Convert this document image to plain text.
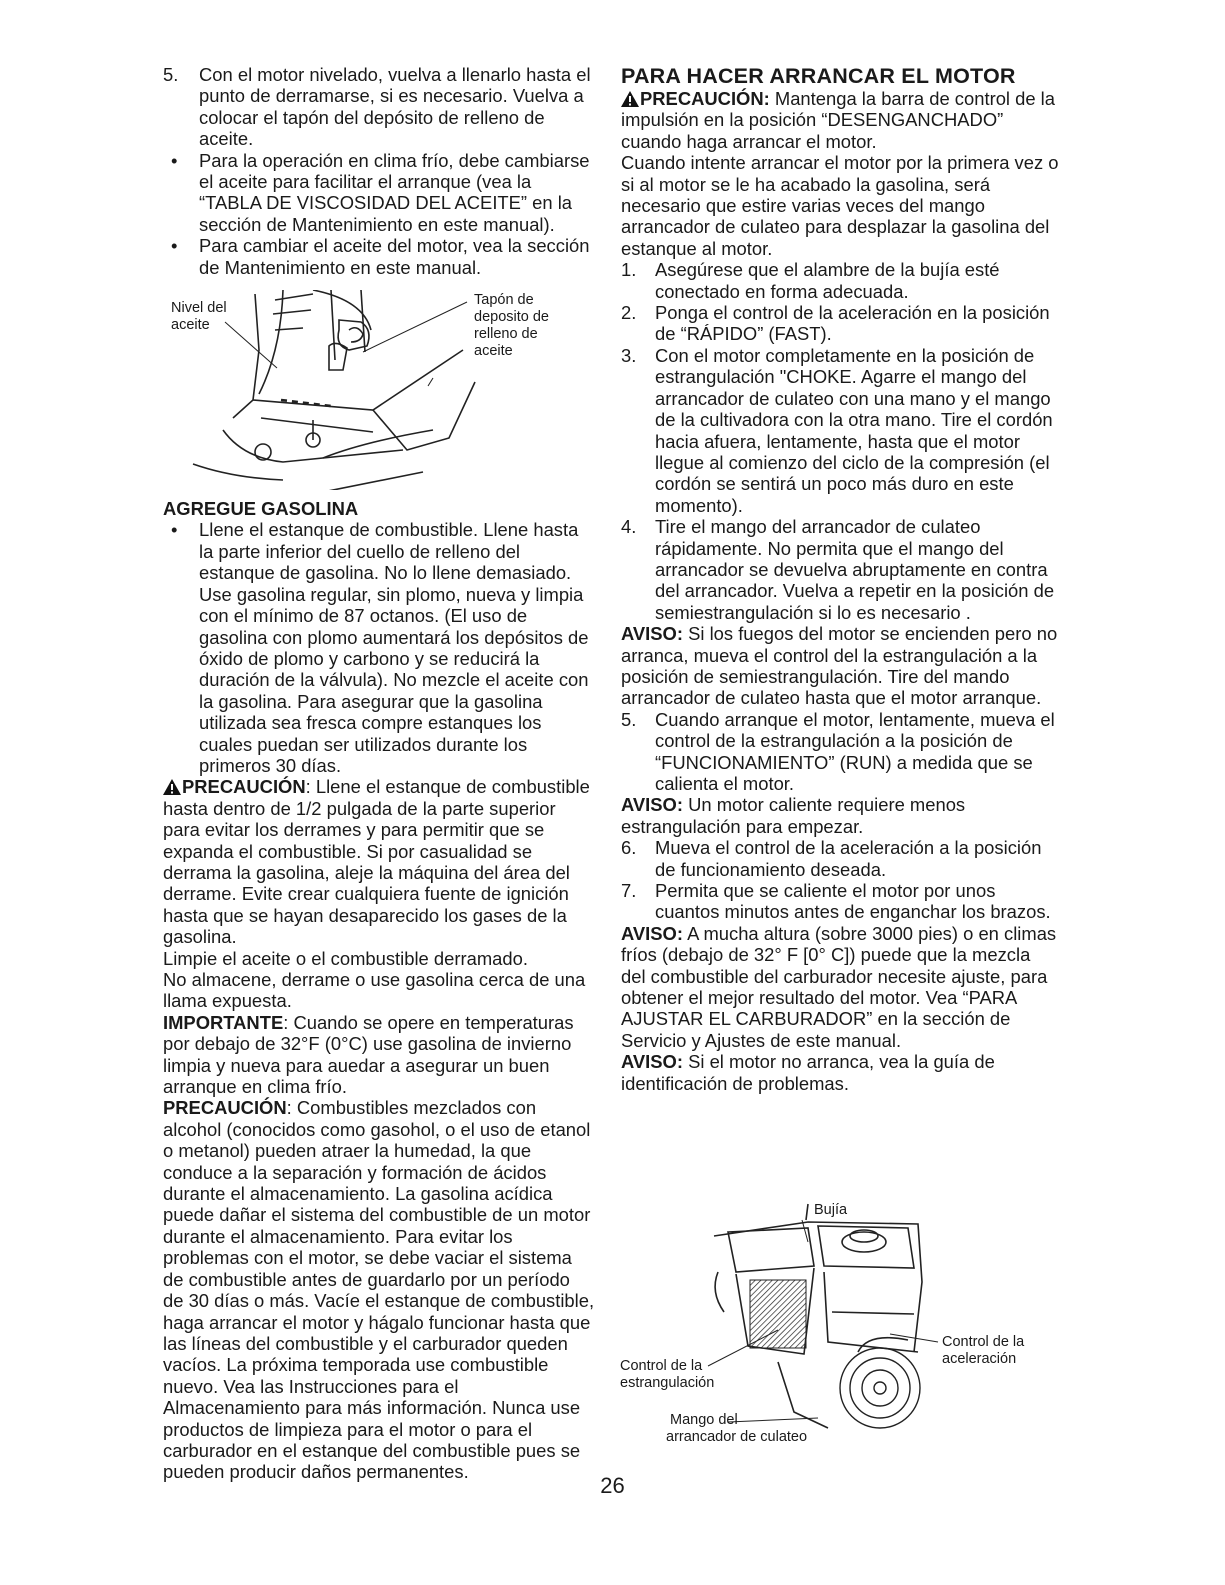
5. Con el motor nivelado, vuelva a llenarlo hasta el punto de derramarse, si es necesario. Vuelva a colocar el tapón del depósito de relleno de aceite.

• Para la operación en clima frío, debe cambiarse el aceite para facilitar el arranque (vea la “TABLA DE VISCOSIDAD DEL ACEITE” en la sección de Mantenimiento en este manual).

• Para cambiar el aceite del motor, vea la sección de Mantenimiento en este manual.

Nivel del
aceite
Tapón de
deposito de
relleno de
aceite

AGREGUE GASOLINA

• Llene el estanque de combustible. Llene hasta la parte inferior del cuello de relleno del estanque de gasolina. No lo llene demasiado. Use gasolina regular, sin plomo, nueva y limpia con el mínimo de 87 octanos. (El uso de gasolina con plomo aumentará los depósitos de óxido de plomo y carbono y se reducirá la duración de la válvula). No mezcle el aceite con la gasolina. Para asegurar que la gasolina utilizada sea fresca compre estanques los cuales puedan ser utilizados durante los primeros 30 días.

PRECAUCIÓN: Llene el estanque de combustible hasta dentro de 1/2 pulgada de la parte superior para evitar los derrames y para permitir que se expanda el combustible. Si por casualidad se derrama la gasolina, aleje la máquina del área del derrame. Evite crear cualquiera fuente de ignición hasta que se hayan desaparecido los gases de la gasolina.

Limpie el aceite o el combustible derramado.

No almacene, derrame o use gasolina cerca de una llama expuesta.

IMPORTANTE: Cuando se opere en temperaturas por debajo de 32°F (0°C) use gasolina de invierno limpia y nueva para auedar a asegurar un buen arranque en clima frío.

PRECAUCIÓN: Combustibles mezclados con alcohol (conocidos como gasohol, o el uso de etanol o metanol) pueden atraer la humedad, la que conduce a la separación y formación de ácidos durante el almacenamiento. La gasolina acídica puede dañar el sistema del combustible de un motor durante el almacenamiento. Para evitar los problemas con el motor, se debe vaciar el sistema de combustible antes de guardarlo por un período de 30 días o más. Vacíe el estanque de combustible, haga arrancar el motor y hágalo funcionar hasta que las líneas del combustible y el carburador queden vacíos. La próxima temporada use combustible nuevo. Vea las Instrucciones para el Almacenamiento para más información. Nunca use productos de limpieza para el motor o para el carburador en el estanque del combustible pues se pueden producir daños permanentes.

PARA HACER ARRANCAR EL MOTOR

PRECAUCIÓN: Mantenga la barra de control de la impulsión en la posición “DESENGANCHADO” cuando haga arrancar el motor.

Cuando intente arrancar el motor por la primera vez o si al motor se le ha acabado la gasolina, será necesario que estire varias veces del mango arrancador de culateo para desplazar la gasolina del estanque al motor.

1. Asegúrese que el alambre de la bujía esté conectado en forma adecuada.

2. Ponga el control de la aceleración en la posición de “RÁPIDO” (FAST).

3. Con el motor completamente en la posición de estrangulación "CHOKE. Agarre el mango del arrancador de culateo con una mano y el mango de la cultivadora con la otra mano. Tire el cordón hacia afuera, lentamente, hasta que el motor llegue al comienzo del ciclo de la compresión (el cordón se sentirá un poco más duro en este momento).

4. Tire el mango del arrancador de culateo rápidamente. No permita que el mango del arrancador se devuelva abruptamente en contra del arrancador. Vuelva a repetir en la posición de semiestrangulación si lo es necesario .

AVISO: Si los fuegos del motor se encienden pero no arranca, mueva el control del la estrangulación a la posición de semiestrangulación. Tire del mando arrancador de culateo hasta que el motor arranque.

5. Cuando arranque el motor, lentamente, mueva el control de la estrangulación a la posición de “FUNCIONAMIENTO” (RUN) a medida que se calienta el motor.

AVISO: Un motor caliente requiere menos estrangulación para empezar.

6. Mueva el control de la aceleración a la posición de funcionamiento deseada.

7. Permita que se caliente el motor por unos cuantos minutos antes de enganchar los brazos.

AVISO: A mucha altura (sobre 3000 pies) o en climas fríos (debajo de 32° F [0° C]) puede que la mezcla del combustible del carburador necesite ajuste, para obtener el mejor resultado del motor. Vea “PARA AJUSTAR EL CARBURADOR” en la sección de Servicio y Ajustes de este manual.

AVISO: Si el motor no arranca, vea la guía de identificación de problemas.

Bujía
Control de la
aceleración
Control de la
estrangulación
Mango del
arrancador de culateo
26
